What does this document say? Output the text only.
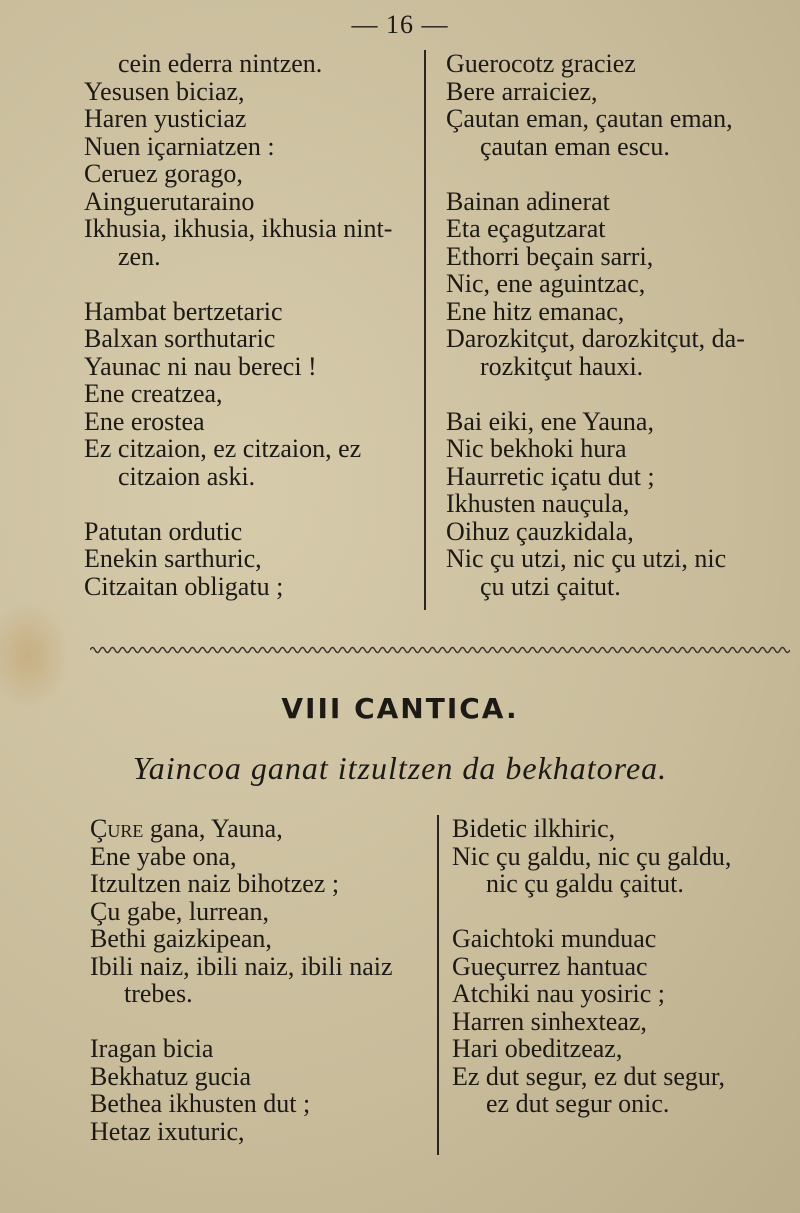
— 16 —
cein ederra nintzen.
Yesusen biciaz,
Haren yusticiaz
Nuen içarniatzen :
Ceruez gorago,
Ainguerutaraino
Ikhusia, ikhusia, ikhusia nint-
zen.
Hambat bertzetaric
Balxan sorthutaric
Yaunac ni nau bereci !
Ene creatzea,
Ene erostea
Ez citzaion, ez citzaion, ez
citzaion aski.
Patutan ordutic
Enekin sarthuric,
Citzaitan obligatu ;
Guerocotz graciez
Bere arraiciez,
Çautan eman, çautan eman,
çautan eman escu.
Bainan adinerat
Eta eçagutzarat
Ethorri beçain sarri,
Nic, ene aguintzac,
Ene hitz emanac,
Darozkitçut, darozkitçut, da-
rozkitçut hauxi.
Bai eiki, ene Yauna,
Nic bekhoki hura
Haurretic içatu dut ;
Ikhusten nauçula,
Oihuz çauzkidala,
Nic çu utzi, nic çu utzi, nic
çu utzi çaitut.
VIII CANTICA.
Yaincoa ganat itzultzen da bekhatorea.
Çure gana, Yauna,
Ene yabe ona,
Itzultzen naiz bihotzez ;
Çu gabe, lurrean,
Bethi gaizkipean,
Ibili naiz, ibili naiz, ibili naiz
trebes.
Iragan bicia
Bekhatuz gucia
Bethea ikhusten dut ;
Hetaz ixuturic,
Bidetic ilkhiric,
Nic çu galdu, nic çu galdu,
nic çu galdu çaitut.
Gaichtoki munduac
Gueçurrez hantuac
Atchiki nau yosiric ;
Harren sinhexteaz,
Hari obeditzeaz,
Ez dut segur, ez dut segur,
ez dut segur onic.
